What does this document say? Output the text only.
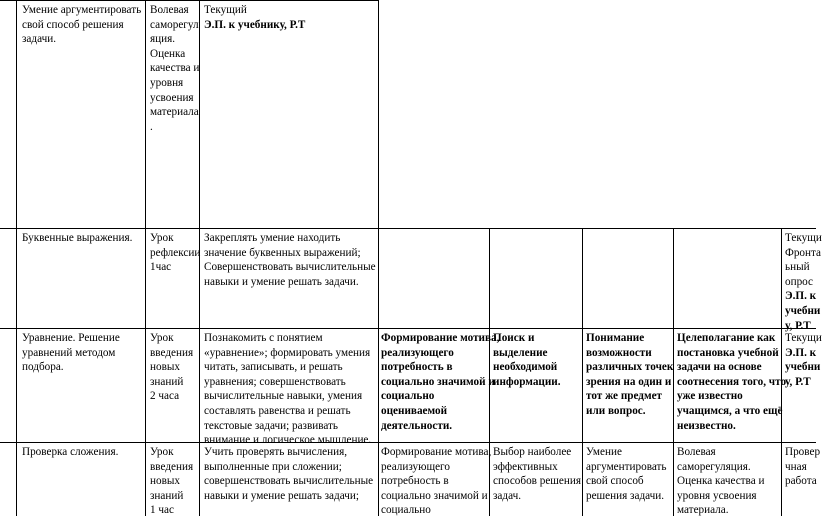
Умение аргументировать
свой способ решения
задачи.
Волевая
саморегул
яция.
Оценка
качества и
уровня
усвоения
материала
.
Текущий
Э.П. к учебнику, Р.Т
Буквенные выражения. Урок
рефлексии
1час
Закреплять умение находить
значение буквенных выражений;
Совершенствовать вычислительные
навыки и умение решать задачи.
Текущи
Фронта
ьный
опрос
Э.П. к
учебни
у, Р.Т
Уравнение. Решение
уравнений методом
подбора.
Урок
введения
новых
знаний
2 часа
Познакомить с понятием
«уравнение»; формировать умения
читать, записывать, и решать
уравнения; совершенствовать
вычислительные навыки, умения
составлять равенства и решать
текстовые задачи; развивать
внимание и логическое мышление.
Формирование мотива,
реализующего
потребность в
социально значимой и
социально
оцениваемой
деятельности.
Поиск и
выделение
необходимой
информации.
Понимание
возможности
различных точек
зрения на один и
тот же предмет
или вопрос.
Целеполагание как
постановка учебной
задачи на основе
соотнесения того, что
уже известно
учащимся, а что ещё
неизвестно.
Текущи
Э.П. к
учебни
у, Р.Т
Проверка сложения.	Урок
введения
новых
знаний
1 час
Учить проверять вычисления,
выполненные при сложении;
совершенствовать вычислительные
навыки и умение решать задачи;
Формирование мотива,
реализующего
потребность в
социально значимой и
социально
Выбор наиболее
эффективных
способов решения
задач.
Умение
аргументировать
свой способ
решения задачи.
Волевая
саморегуляция.
Оценка качества и
уровня усвоения
материала.
Провер
чная
работа
